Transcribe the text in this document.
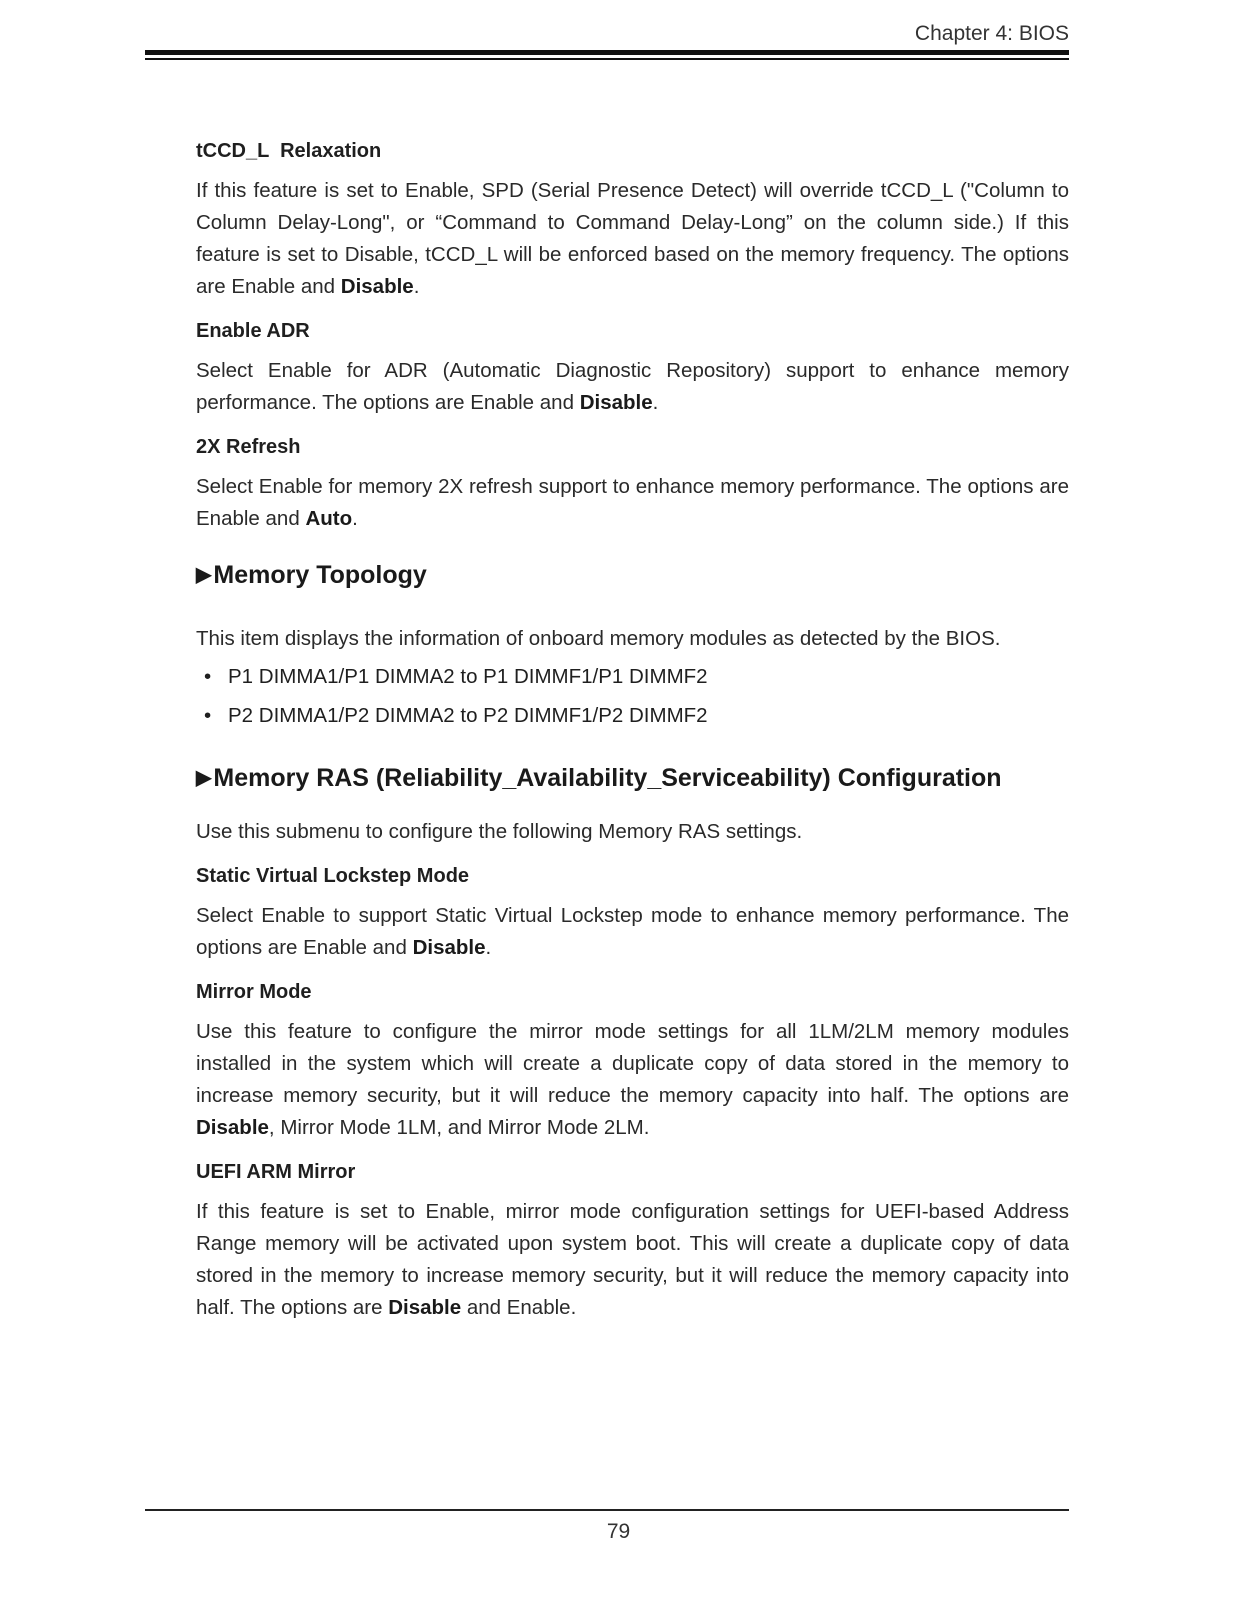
Chapter 4: BIOS
tCCD_L  Relaxation

If this feature is set to Enable, SPD (Serial Presence Detect) will override tCCD_L ("Column to Column Delay-Long", or “Command to Command Delay-Long” on the column side.) If this feature is set to Disable, tCCD_L will be enforced based on the memory frequency. The options are Enable and Disable.

Enable ADR

Select Enable for ADR (Automatic Diagnostic Repository) support to enhance memory performance. The options are Enable and Disable.

2X Refresh

Select Enable for memory 2X refresh support to enhance memory performance. The options are Enable and Auto.

▶Memory Topology

This item displays the information of onboard memory modules as detected by the BIOS.

• P1 DIMMA1/P1 DIMMA2 to P1 DIMMF1/P1 DIMMF2
• P2 DIMMA1/P2 DIMMA2 to P2 DIMMF1/P2 DIMMF2
▶Memory RAS (Reliability_Availability_Serviceability) Configuration

Use this submenu to configure the following Memory RAS settings.

Static Virtual Lockstep Mode

Select Enable to support Static Virtual Lockstep mode to enhance memory performance. The options are Enable and Disable.

Mirror Mode

Use this feature to configure the mirror mode settings for all 1LM/2LM memory modules installed in the system which will create a duplicate copy of data stored in the memory to increase memory security, but it will reduce the memory capacity into half. The options are Disable, Mirror Mode 1LM, and Mirror Mode 2LM.

UEFI ARM Mirror

If this feature is set to Enable, mirror mode configuration settings for UEFI-based Address Range memory will be activated upon system boot. This will create a duplicate copy of data stored in the memory to increase memory security, but it will reduce the memory capacity into half. The options are Disable and Enable.

79
